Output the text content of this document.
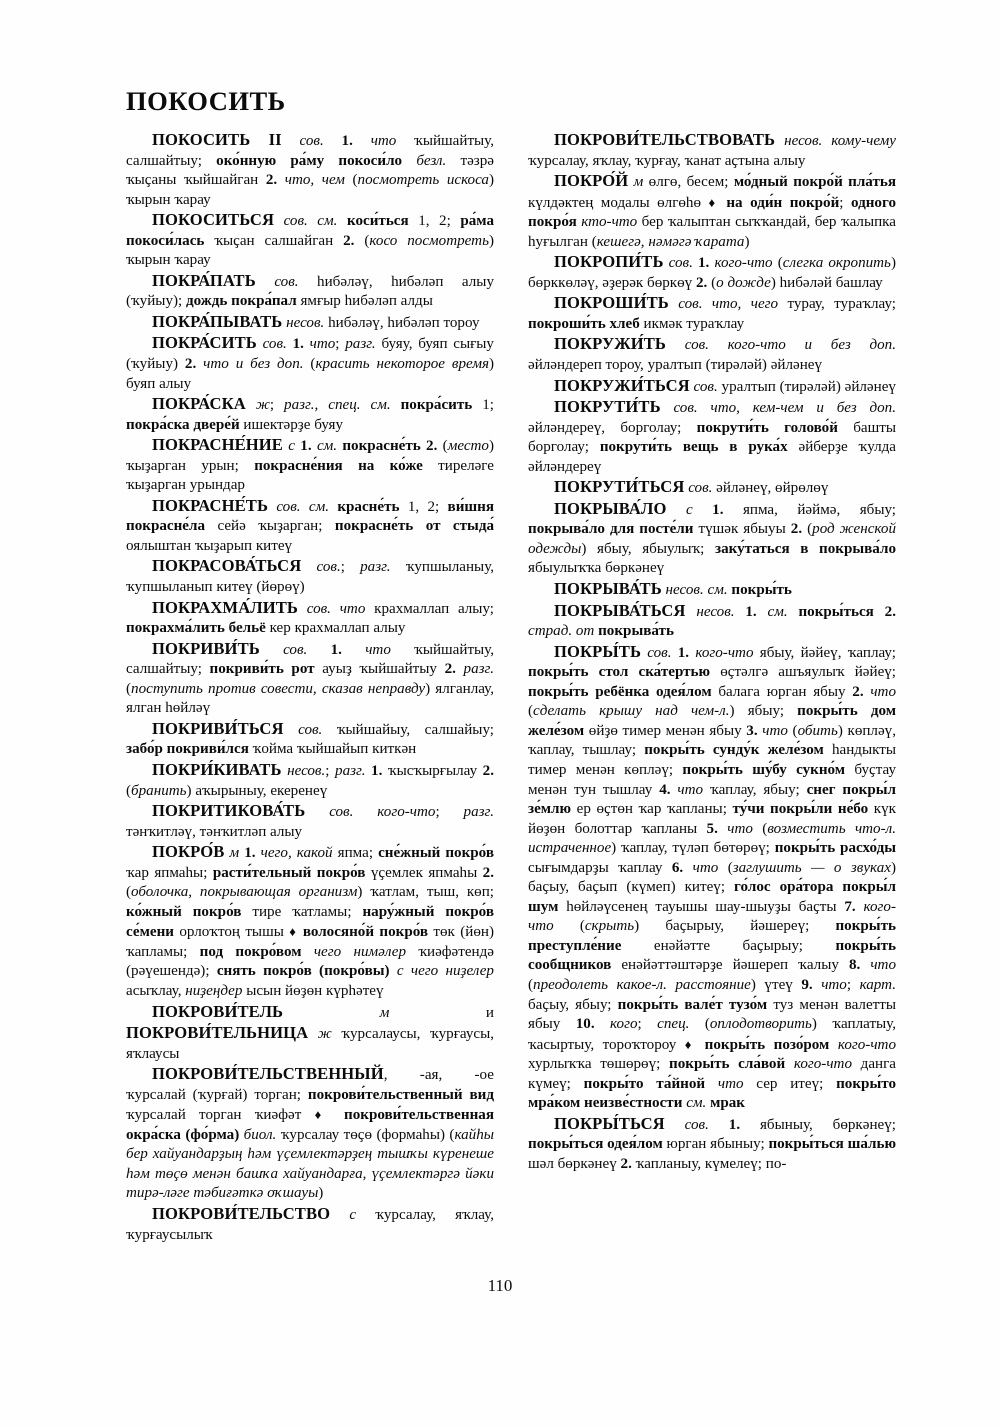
ПОКОСИТЬ

ПОКОСИТЬ II сов. 1. что ҡыйшайтыу, салшайтыу; око́нную ра́му покоси́ло безл. тәзрә ҡыҫаны ҡыйшайган 2. что, чем (посмотреть искоса) ҡырын ҡарау

ПОКОСИТЬСЯ сов. см. коси́ться 1, 2; ра́ма покоси́лась ҡыҫан салшайган 2. (косо посмотреть) ҡырын ҡарау

ПОКРА́ПАТЬ сов. һибәләү, һибәләп алыу (ҡуйыу); дождь покра́пал ямғыр һибәләп алды

ПОКРА́ПЫВАТЬ несов. һибәләү, һибәләп тороу

ПОКРА́СИТЬ сов. 1. что; разг. буяу, буяп сығыу (ҡуйыу) 2. что и без доп. (красить некоторое время) буяп алыу

ПОКРА́СКА ж; разг., спец. см. покра́сить 1; покра́ска двере́й ишектәрҙе буяу

ПОКРАСНЕ́НИЕ с 1. см. покрасне́ть 2. (место) ҡыҙарган урын; покрасне́ния на ко́же тиреләге ҡыҙарган урындар

ПОКРАСНЕ́ТЬ сов. см. красне́ть 1, 2; ви́шня покрасне́ла сейә ҡыҙарган; покрасне́ть от стыда́ оялыштан ҡыҙарып китеү

ПОКРАСОВА́ТЬСЯ сов.; разг. ҡупшыланыу, ҡупшыланып китеү (йөрөү)

ПОКРАХМА́ЛИТЬ сов. что крахмаллап алыу; покрахма́лить бельё кер крахмаллап алыу

ПОКРИВИ́ТЬ сов. 1. что ҡыйшайтыу, салшайтыу; покриви́ть рот ауыҙ ҡыйшайтыу 2. разг. (поступить против совести, сказав неправду) ялганлау, ялган һөйләү

ПОКРИВИ́ТЬСЯ сов. ҡыйшайыу, салшайыу; забо́р покриви́лся ҡойма ҡыйшайып киткән

ПОКРИ́КИВАТЬ несов.; разг. 1. ҡысҡырғылау 2. (бранить) аҡырыныу, екеренеү

ПОКРИТИКОВА́ТЬ сов. кого-что; разг. тәнҡитләү, тәнҡитләп алыу

ПОКРО́В м 1. чего, какой япма; сне́жный покро́в ҡар япмаһы; расти́тельный покро́в үҫемлек япмаһы 2. (оболочка, покрывающая организм) ҡатлам, тыш, көп; ко́жный покро́в тире ҡатламы; нару́жный покро́в се́мени орлоҡтоң тышы ♦ волосяно́й покро́в төк (йөн) ҡапламы; под покро́вом чего нимәлер ҡиәфәтендә (рәүешендә); снять покро́в (покро́вы) с чего ниҙелер асыҡлау, ниҙеңдер ысын йөҙөн күрһәтеү

ПОКРОВИ́ТЕЛЬ	м и ПОКРОВИ́ТЕЛЬНИЦА ж ҡурсалаусы, ҡурғаусы, яҡлаусы

ПОКРОВИ́ТЕЛЬСТВЕННЫЙ, -ая, -ое ҡурсалай (ҡурғай) торган; покрови́тельственный вид ҡурсалай торган ҡиәфәт ♦ покрови́тельственная окра́ска (фо́рма) биол. ҡурсалау төҫө (формаһы) (кайһы бер хайуандарҙың һәм үҫемлектәрҙең тышҡы күренеше һәм төҫө менән башҡа хайуандарға, үҫемлектәргә йәки тирә-ләге тәбиғәткә оҡшауы)

ПОКРОВИ́ТЕЛЬСТВО с ҡурсалау, яҡлау, ҡурғаусылыҡ

ПОКРОВИ́ТЕЛЬСТВОВАТЬ несов. кому-чему ҡурсалау, яҡлау, ҡурғау, ҡанат аҫтына алыу

ПОКРО́Й м өлгө, бесем; мо́дный покро́й пла́тья күлдәктең модалы өлгөһө ♦ на оди́н покро́й; одного покро́я кто-что бер ҡалыптан сыҡҡандай, бер ҡалыпка һуғылган (кешегә, нәмәгә ҡарата)

ПОКРОПИ́ТЬ сов. 1. кого-что (слегка окропить) бөрккөләү, әҙерәк бөркөү 2. (о дожде) һибәләй башлау

ПОКРОШИ́ТЬ сов. что, чего турау, тураҡлау; покроши́ть хлеб икмәк тураҡлау

ПОКРУЖИ́ТЬ сов. кого-что и без доп. әйләндереп тороу, уралтып (тирәләй) әйләнеү

ПОКРУЖИ́ТЬСЯ сов. уралтып (тирәләй) әйләнеү

ПОКРУТИ́ТЬ сов. что, кем-чем и без доп. әйләндереү, борголау; покрути́ть голово́й башты борголау; покрути́ть вещь в рука́х әйберҙе ҡулда әйләндереү

ПОКРУТИ́ТЬСЯ сов. әйләнеү, өйрөлөү

ПОКРЫВА́ЛО с 1. япма, йәймә, ябыу; покрыва́ло для посте́ли түшәк ябыуы 2. (род женской одежды) ябыу, ябыулыҡ; заку́таться в покрыва́ло ябыулыҡҡа бөркәнеү

ПОКРЫВА́ТЬ несов. см. покры́ть

ПОКРЫВА́ТЬСЯ несов. 1. см. покры́ться 2. страд. от покрыва́ть

ПОКРЫ́ТЬ сов. 1. кого-что ябыу, йәйеү, ҡаплау; покры́ть стол ска́тертью өҫтәлгә ашъяулыҡ йәйеү; покры́ть ребёнка одея́лом балага юрган ябыу 2. что (сделать крышу над чем-л.) ябыу; покры́ть дом желе́зом өйҙө тимер менән ябыу 3. что (обить) көпләү, ҡаплау, тышлау; покры́ть сунду́к желе́зом һандыкты тимер менән көпләү; покры́ть шу́бу сукно́м буҫтау менән тун тышлау 4. что ҡаплау, ябыу; снег покры́л зе́млю ер өҫтөн ҡар ҡапланы; ту́чи покры́ли не́бо күк йөҙөн болоттар ҡапланы 5. что (возместить что-л. истраченное) ҡаплау, түләп бөтөрөү; покры́ть расхо́ды сығымдарҙы ҡаплау 6. что (заглушить — о звуках) баҫыу, баҫып (күмеп) китеү; го́лос ора́тора покры́л шум һөйләүсенең тауышы шау-шыуҙы баҫты 7. кого-что (скрыть) баҫырыу, йәшереү; покры́ть преступле́ние енәйәтте баҫырыу; покры́ть сообщников енәйәттәштәрҙе йәшереп ҡалыу 8. что (преодолеть какое-л. расстояние) үтеү 9. что; карт. баҫыу, ябыу; покры́ть вале́т тузо́м туз менән валетты ябыу 10. кого; спец. (оплодотворить) ҡаплатыу, ҡасыртыу, тороҡтороу ♦ покры́ть позо́ром кого-что хурлыҡҡа төшөрөү; покры́ть сла́вой кого-что данга күмеү; покры́то та́йной что сер итеү; покры́то мра́ком неизве́стности см. мрак

ПОКРЫ́ТЬСЯ сов. 1. ябыныу, бөркәнеү; покры́ться одея́лом юрган ябыныу; покры́ться ша́лью шәл бөркәнеү 2. ҡапланыу, күмелеү; по-

110
